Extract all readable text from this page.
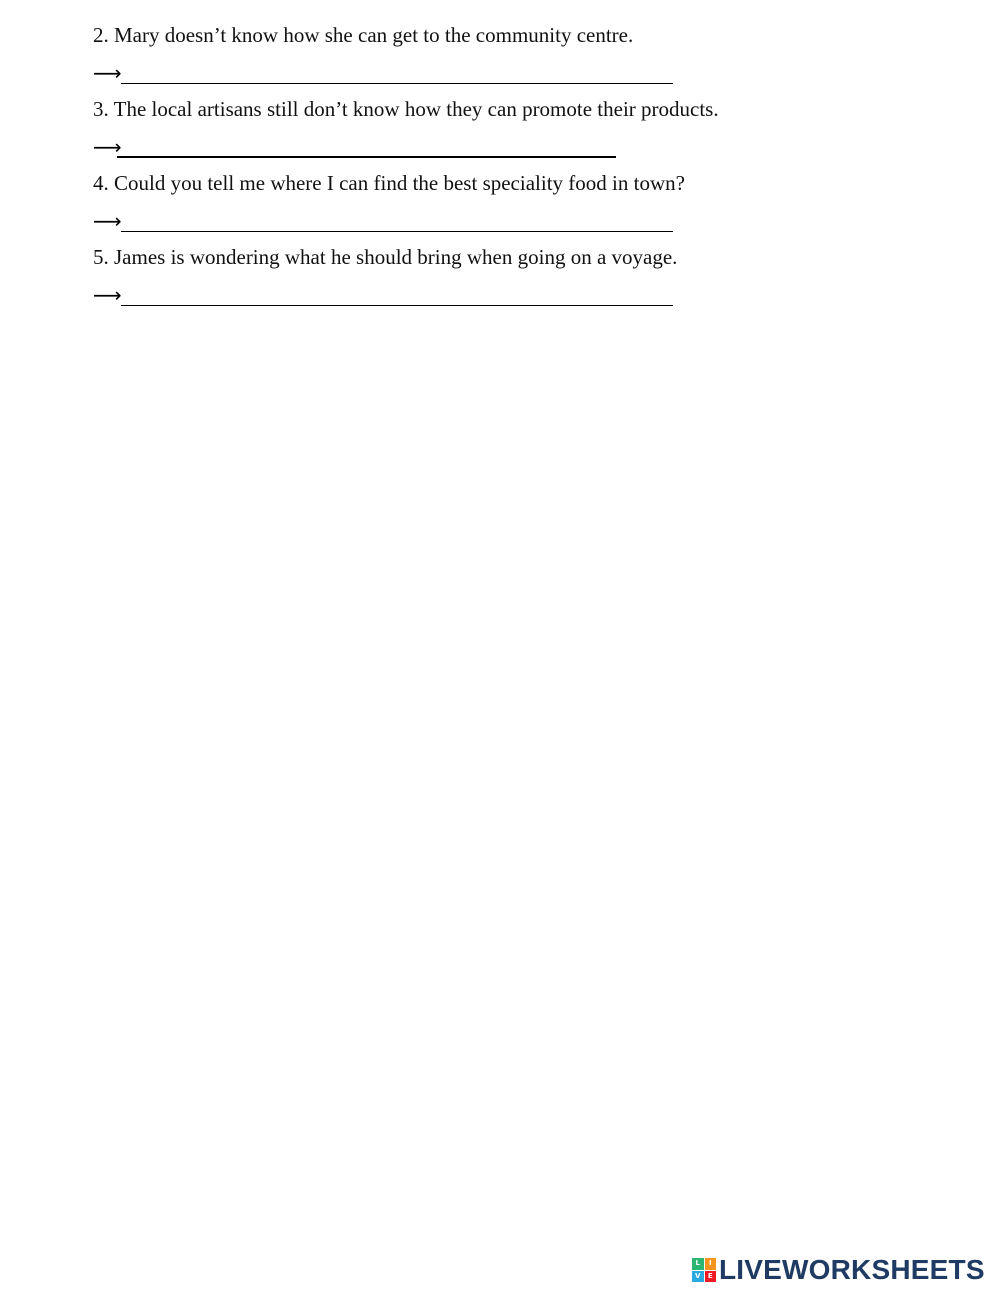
2. Mary doesn’t know how she can get to the community centre.
⟶
3. The local artisans still don’t know how they can promote their products.
⟶
4. Could you tell me where I can find the best speciality food in town?
⟶
5. James is wondering what he should bring when going on a voyage.
⟶
L	I
V	E LIVEWORKSHEETS
